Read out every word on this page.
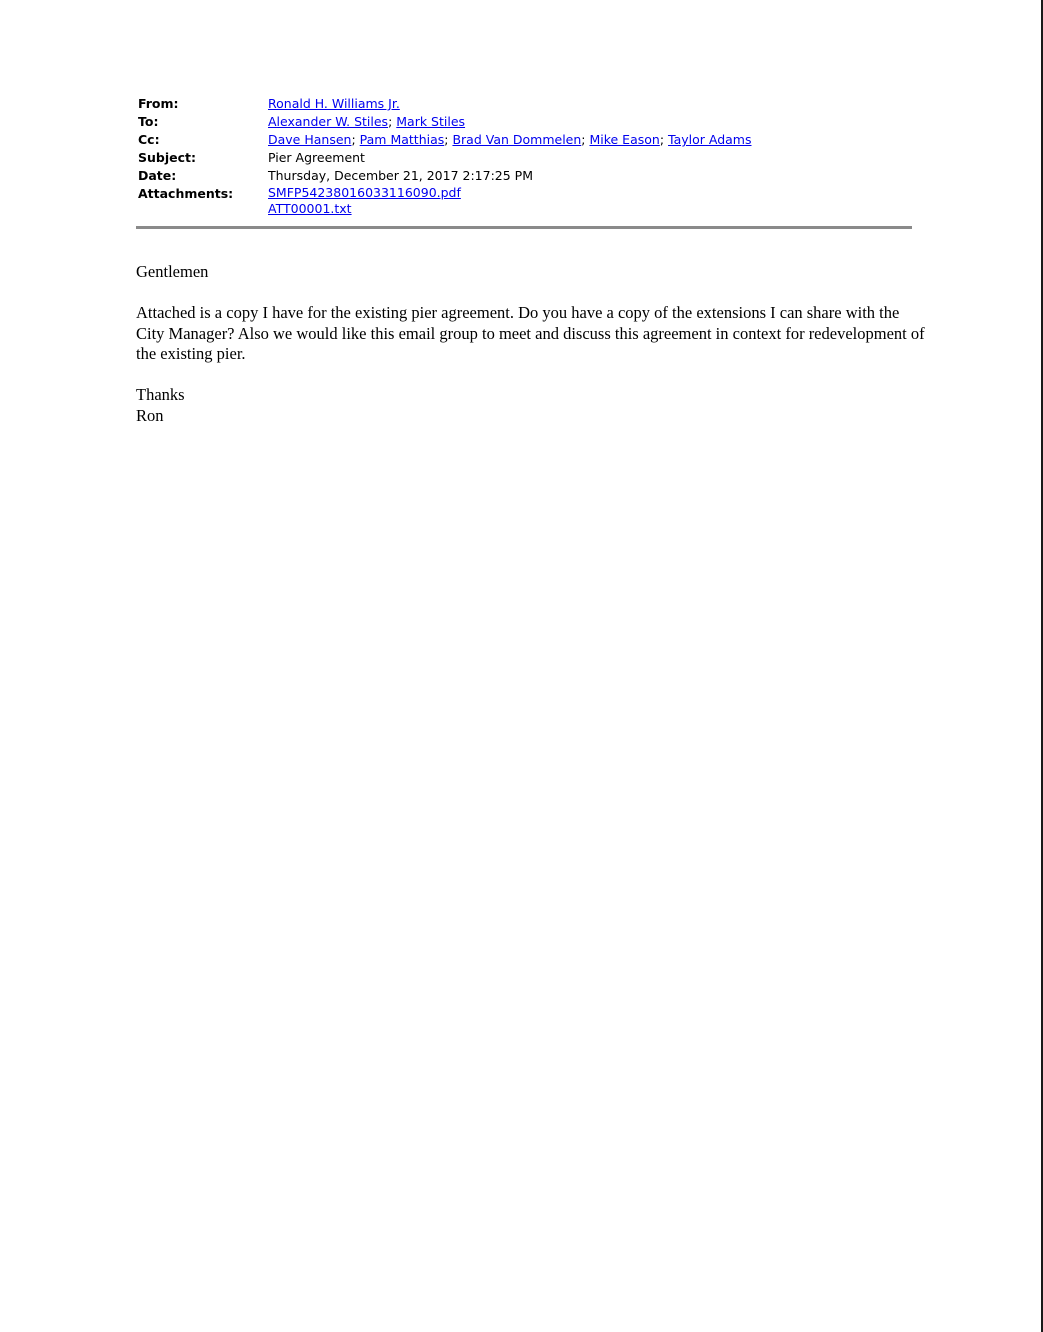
From:	Ronald H. Williams Jr.
To:	Alexander W. Stiles; Mark Stiles
Cc:	Dave Hansen; Pam Matthias; Brad Van Dommelen; Mike Eason; Taylor Adams
Subject:	Pier Agreement
Date:	Thursday, December 21, 2017 2:17:25 PM
Attachments:	SMFP54238016033116090.pdf
ATT00001.txt

Gentlemen

Attached is a copy I have for the existing pier agreement. Do you have a copy of the extensions I can share with the City Manager? Also we would like this email group to meet and discuss this agreement in context for redevelopment of the existing pier.

Thanks

Ron
